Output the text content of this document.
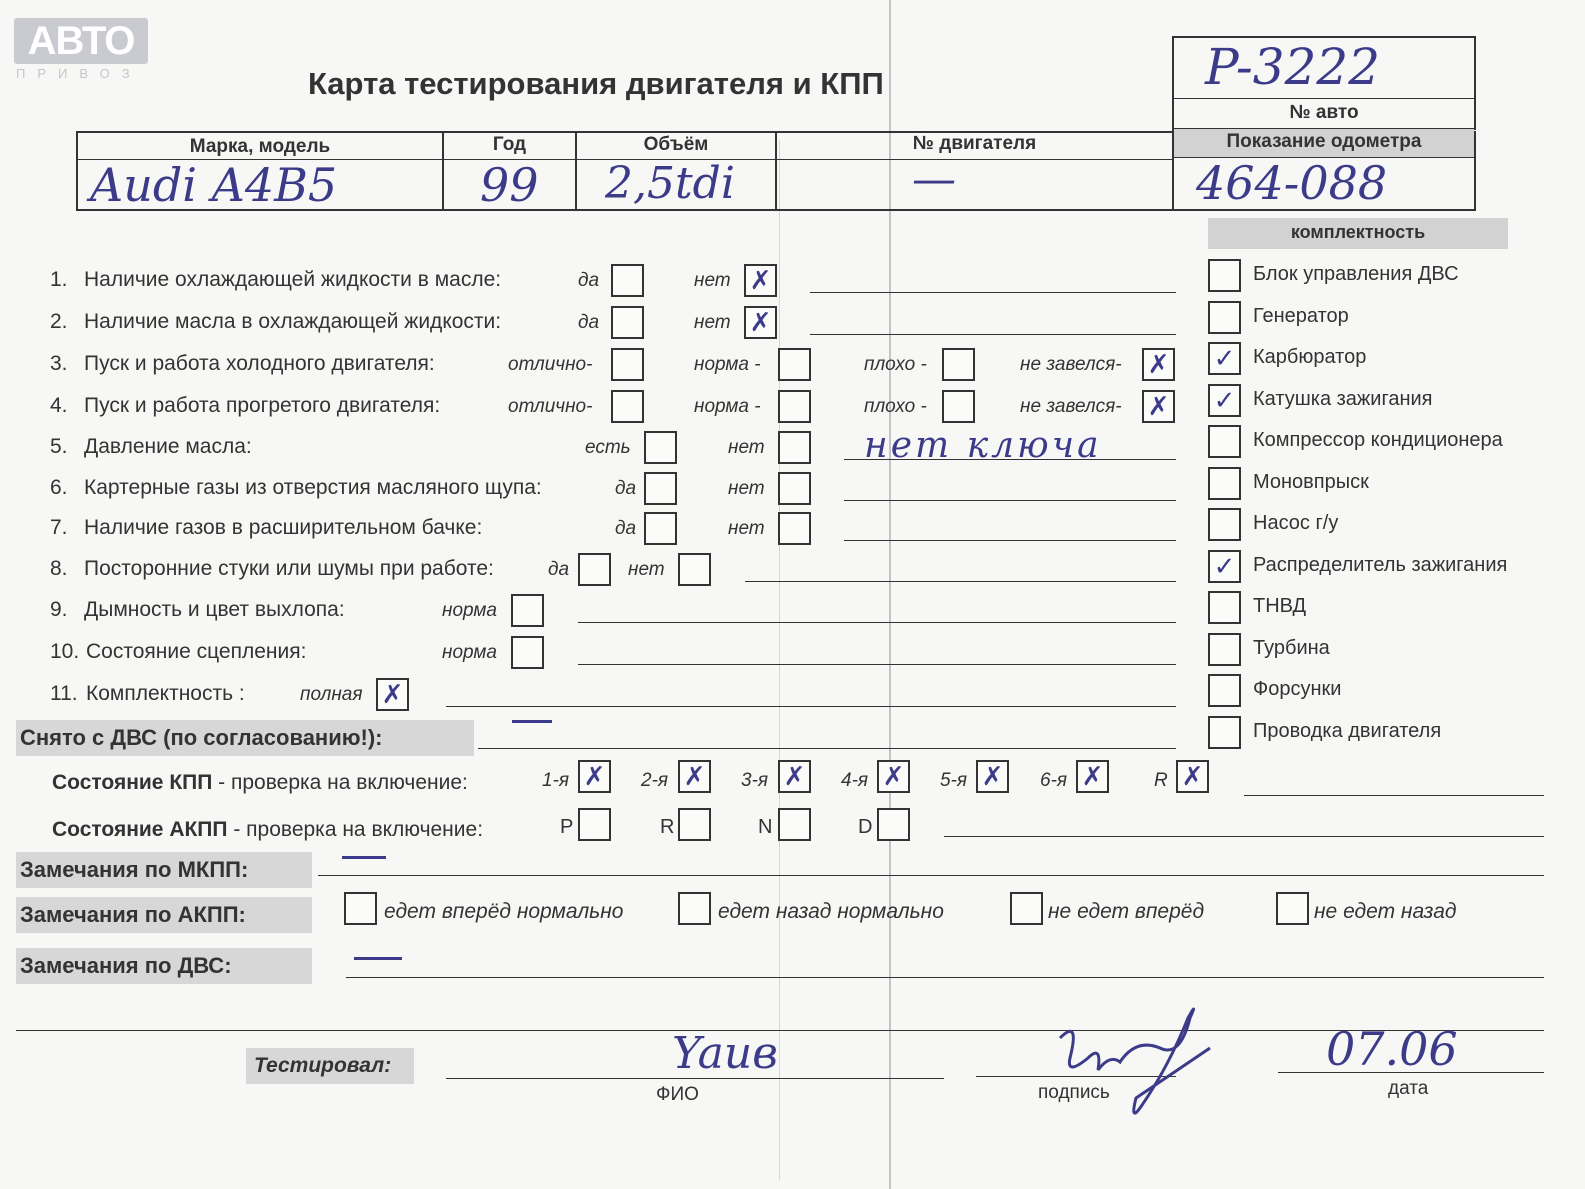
АВТО
ПРИВОЗ	Карта тестирования двигателя и КПП	P-3222
№ авто
Марка, модель	Год	Объём	№ двигателя	Показание одометра
Audi A4B5	99 2,5tdi	—	464-088
комплектность
Блок управления ДВС
Генератор
✓ Карбюратор
✓ Катушка зажигания
Компрессор кондиционера
Моновпрыск
Насос г/у
✓ Распределитель зажигания
ТНВД
Турбина
Форсунки
Проводка двигателя
1. Наличие охлаждающей жидкости в масле:	да	нет ✗
2. Наличие масла в охлаждающей жидкости:	да	нет ✗
3. Пуск и работа холодного двигателя:	отлично-	норма -	плохо -	не завелся- ✗
4. Пуск и работа прогретого двигателя:	отлично-	норма -	плохо -	не завелся- ✗
5. Давление масла:	есть	нет	нет ключа
6. Картерные газы из отверстия масляного щупа:	да	нет
7. Наличие газов в расширительном бачке:	да	нет
8. Посторонние стуки или шумы при работе:	да	нет
9. Дымность и цвет выхлопа:	норма
10. Состояние сцепления:	норма
11. Комплектность :	полная ✗
Снято с ДВС (по согласованию!):
Состояние КПП - проверка на включение:	1-я ✗ 2-я ✗ 3-я ✗ 4-я ✗ 5-я ✗ 6-я ✗	R ✗
Состояние АКПП - проверка на включение:	P	R	N	D
Замечания по МКПП:
Замечания по АКПП:	едет вперёд нормально	едет назад нормально	не едет вперёд	не едет назад
Замечания по ДВС:
Тестировал:	Yaив
ФИО	подпись
07.06
дата
